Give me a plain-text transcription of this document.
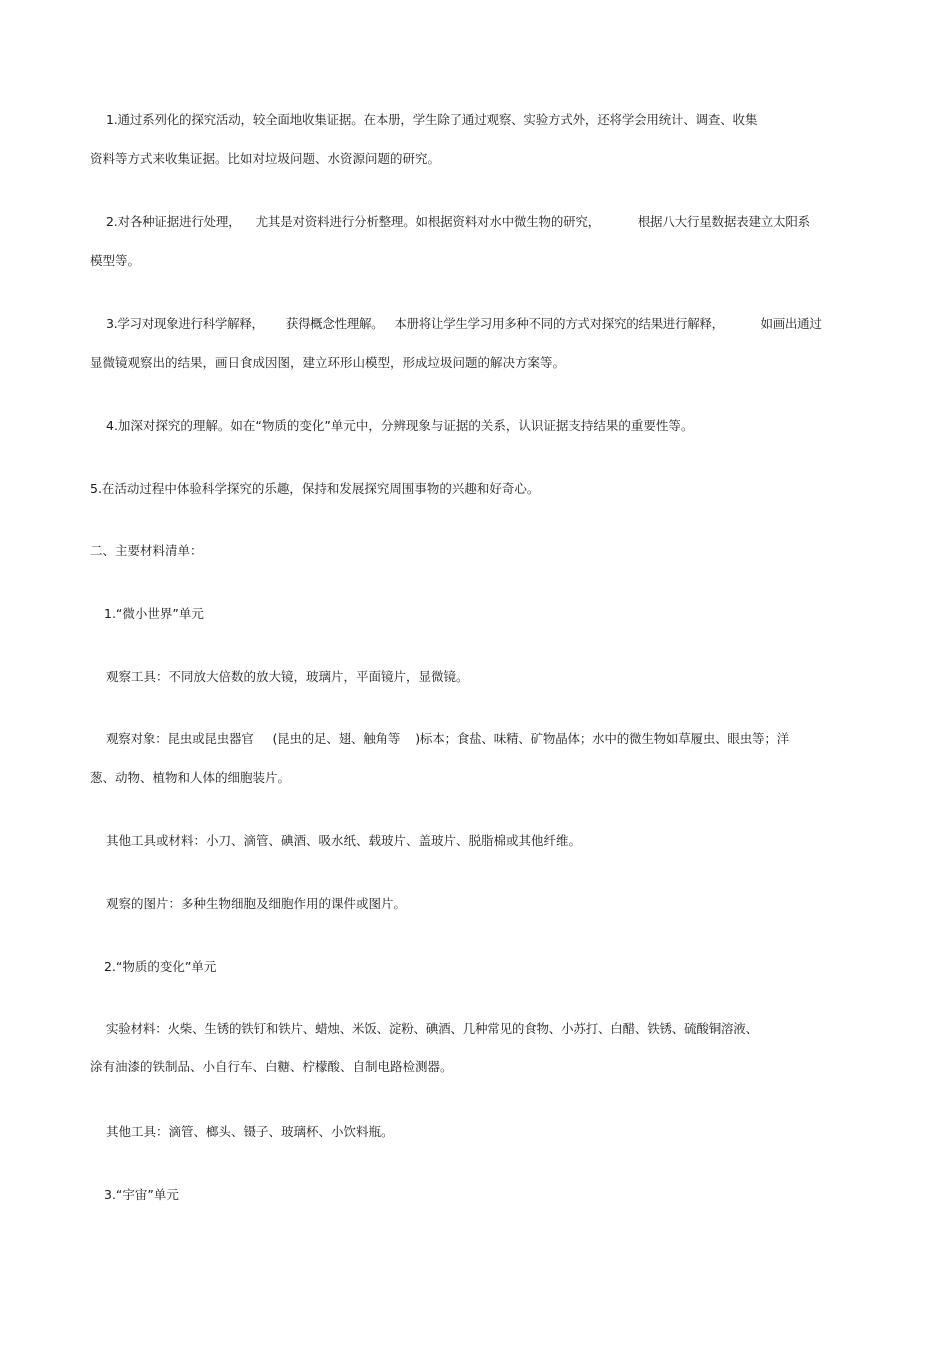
1.通过系列化的探究活动，较全面地收集证据。在本册，学生除了通过观察、实验方式外，还将学会用统计、调查、收集
资料等方式来收集证据。比如对垃圾问题、水资源问题的研究。
2.对各种证据进行处理，    尤其是对资料进行分析整理。如根据资料对水中微生物的研究，          根据八大行星数据表建立太阳系
模型等。
3.学习对现象进行科学解释，      获得概念性理解。   本册将让学生学习用多种不同的方式对探究的结果进行解释，          如画出通过
显微镜观察出的结果，画日食成因图，建立环形山模型，形成垃圾问题的解决方案等。
4.加深对探究的理解。如在“物质的变化”单元中，分辨现象与证据的关系，认识证据支持结果的重要性等。
5.在活动过程中体验科学探究的乐趣，保持和发展探究周围事物的兴趣和好奇心。
二、主要材料清单：
1.“微小世界”单元
观察工具：不同放大倍数的放大镜，玻璃片，平面镜片，显微镜。
观察对象：昆虫或昆虫器官     (昆虫的足、翅、触角等    )标本；食盐、味精、矿物晶体；水中的微生物如草履虫、眼虫等；洋
葱、动物、植物和人体的细胞装片。
其他工具或材料：小刀、滴管、碘酒、吸水纸、载玻片、盖玻片、脱脂棉或其他纤维。
观察的图片：多种生物细胞及细胞作用的课件或图片。
2.“物质的变化”单元
实验材料：火柴、生锈的铁钉和铁片、蜡烛、米饭、淀粉、碘酒、几种常见的食物、小苏打、白醋、铁锈、硫酸铜溶液、
涂有油漆的铁制品、小自行车、白糖、柠檬酸、自制电路检测器。
其他工具：滴管、榔头、镊子、玻璃杯、小饮料瓶。
3.“宇宙”单元
